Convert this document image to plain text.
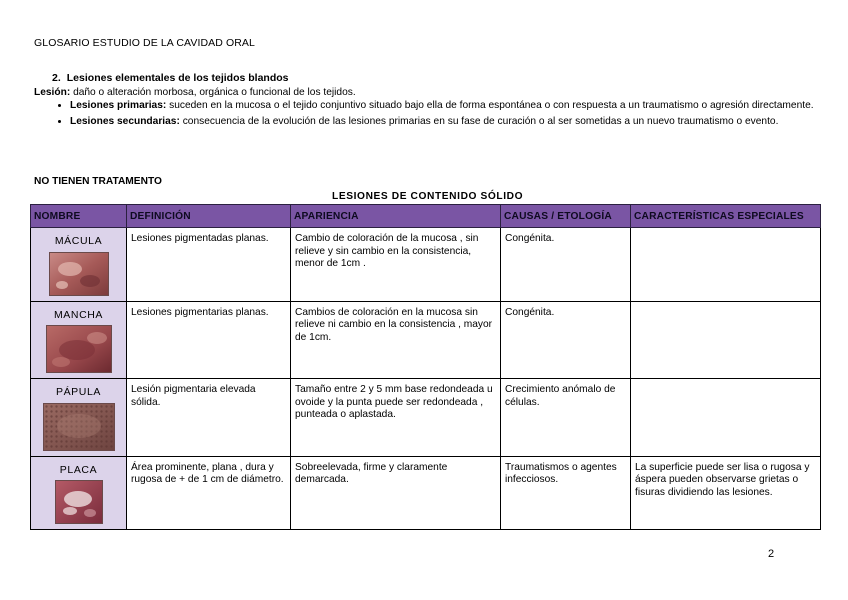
GLOSARIO ESTUDIO DE LA CAVIDAD ORAL
2. Lesiones elementales de los tejidos blandos
Lesión: daño o alteración morbosa, orgánica o funcional de los tejidos.
• Lesiones primarias: suceden en la mucosa o el tejido conjuntivo situado bajo ella de forma espontánea o con respuesta a un traumatismo o agresión directamente.
• Lesiones secundarias: consecuencia de la evolución de las lesiones primarias en su fase de curación o al ser sometidas a un nuevo traumatismo o evento.
NO TIENEN TRATAMENTO
LESIONES DE CONTENIDO SÓLIDO
NOMBRE	DEFINICIÓN	APARIENCIA	CAUSAS / ETOLOGÍA	CARACTERÍSTICAS ESPECIALES

MÁCULA	Lesiones pigmentadas planas.	Cambio de coloración de la mucosa , sin relieve y sin cambio en la consistencia, menor de 1cm .	Congénita.	

MANCHA	Lesiones pigmentarias planas.	Cambios de coloración en la mucosa sin relieve ni cambio en la consistencia , mayor de 1cm.	Congénita.	

PÁPULA	Lesión pigmentaria elevada sólida.	Tamaño entre 2 y 5 mm base redondeada u ovoide y la punta puede ser redondeada , punteada o aplastada.	Crecimiento anómalo de células.	

PLACA	Área prominente, plana , dura y rugosa de + de 1 cm de diámetro.	Sobreelevada, firme y claramente demarcada.	Traumatismos o agentes infecciosos.	La superficie puede ser lisa o rugosa y áspera pueden observarse grietas o fisuras dividiendo las lesiones.
2
